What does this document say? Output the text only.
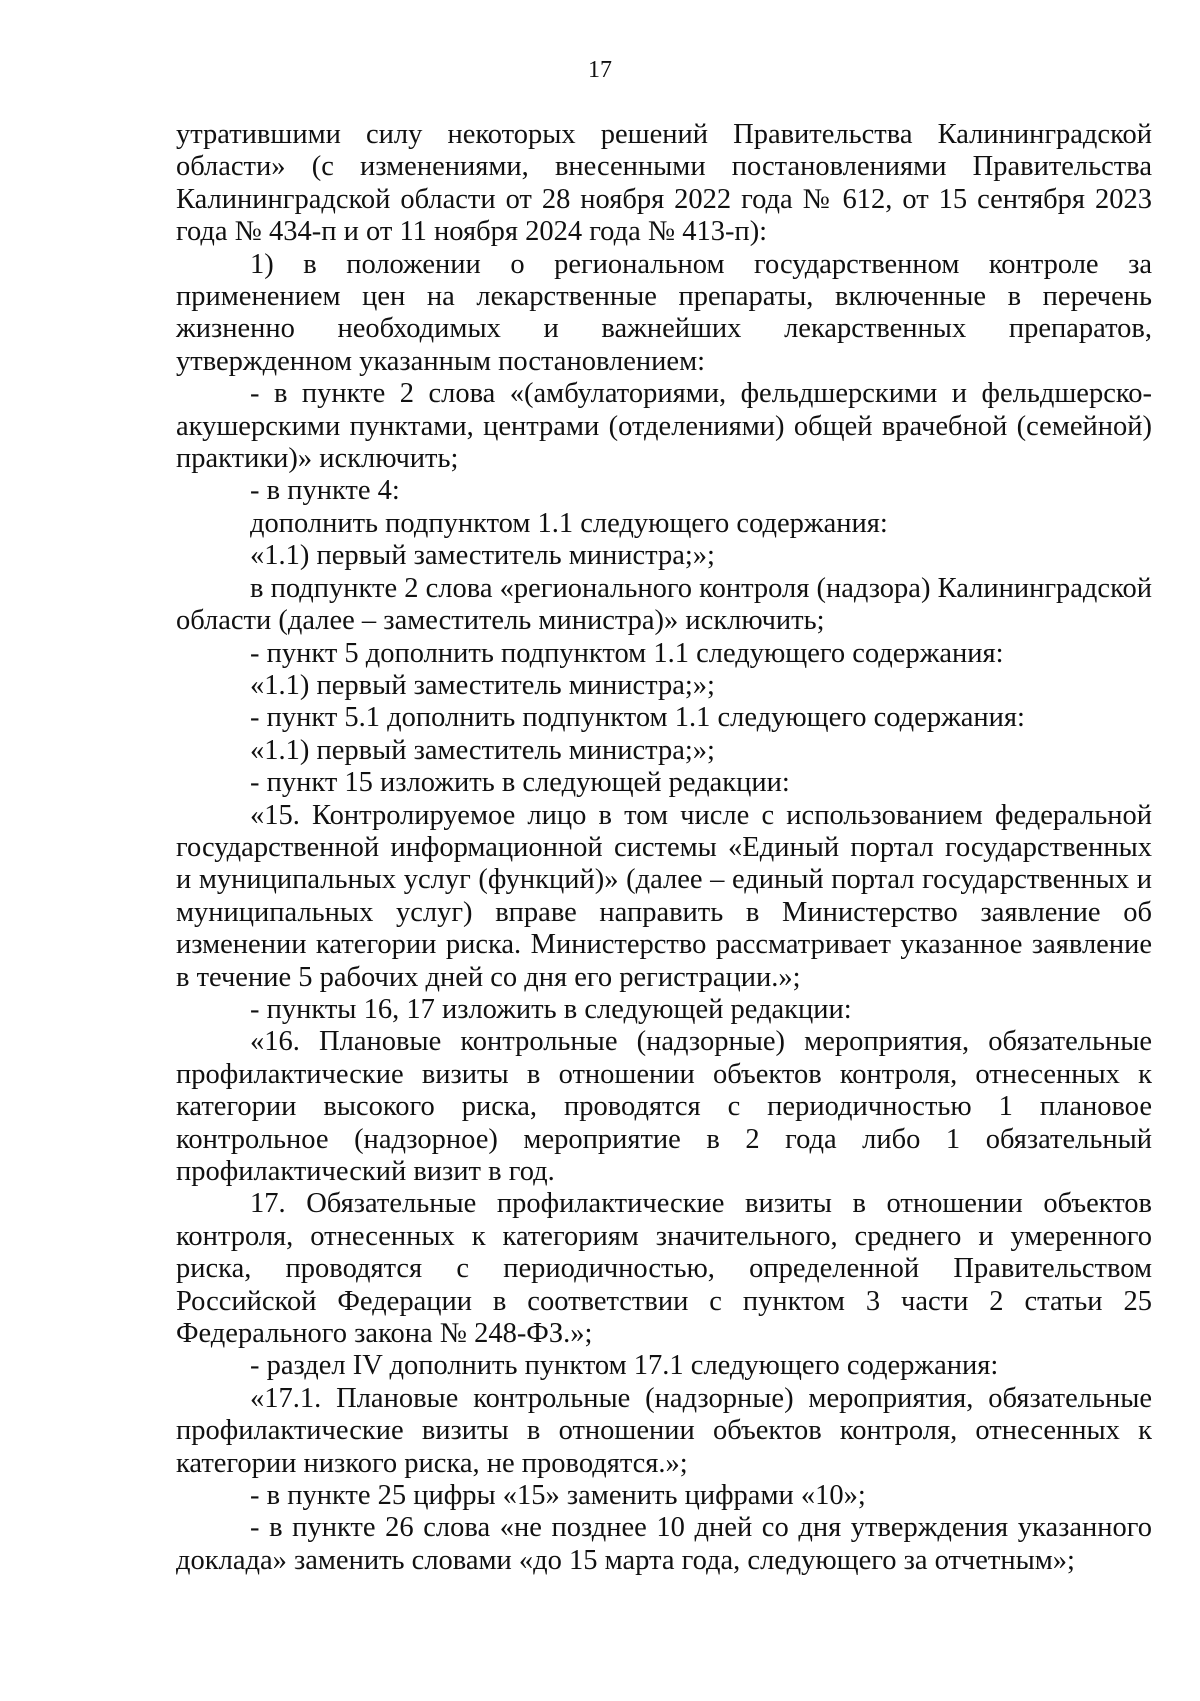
17

утратившими силу некоторых решений Правительства Калининградской области» (с изменениями, внесенными постановлениями Правительства Калининградской области от 28 ноября 2022 года № 612, от 15 сентября 2023 года № 434-п и от 11 ноября 2024 года № 413-п):

1) в положении о региональном государственном контроле за применением цен на лекарственные препараты, включенные в перечень жизненно необходимых и важнейших лекарственных препаратов, утвержденном указанным постановлением:

- в пункте 2 слова «(амбулаториями, фельдшерскими и фельдшерско-акушерскими пунктами, центрами (отделениями) общей врачебной (семейной) практики)» исключить;

- в пункте 4:

дополнить подпунктом 1.1 следующего содержания:

«1.1) первый заместитель министра;»;

в подпункте 2 слова «регионального контроля (надзора) Калининградской области (далее – заместитель министра)» исключить;

- пункт 5 дополнить подпунктом 1.1 следующего содержания:

«1.1) первый заместитель министра;»;

- пункт 5.1 дополнить подпунктом 1.1 следующего содержания:

«1.1) первый заместитель министра;»;

- пункт 15 изложить в следующей редакции:

«15. Контролируемое лицо в том числе с использованием федеральной государственной информационной системы «Единый портал государственных и муниципальных услуг (функций)» (далее – единый портал государственных и муниципальных услуг) вправе направить в Министерство заявление об изменении категории риска. Министерство рассматривает указанное заявление в течение 5 рабочих дней со дня его регистрации.»;

- пункты 16, 17 изложить в следующей редакции:

«16. Плановые контрольные (надзорные) мероприятия, обязательные профилактические визиты в отношении объектов контроля, отнесенных к категории высокого риска, проводятся с периодичностью 1 плановое контрольное (надзорное) мероприятие в 2 года либо 1 обязательный профилактический визит в год.

17. Обязательные профилактические визиты в отношении объектов контроля, отнесенных к категориям значительного, среднего и умеренного риска, проводятся с периодичностью, определенной Правительством Российской Федерации в соответствии с пунктом 3 части 2 статьи 25 Федерального закона № 248-ФЗ.»;

- раздел IV дополнить пунктом 17.1 следующего содержания:

«17.1. Плановые контрольные (надзорные) мероприятия, обязательные профилактические визиты в отношении объектов контроля, отнесенных к категории низкого риска, не проводятся.»;

- в пункте 25 цифры «15» заменить цифрами «10»;

- в пункте 26 слова «не позднее 10 дней со дня утверждения указанного доклада» заменить словами «до 15 марта года, следующего за отчетным»;
